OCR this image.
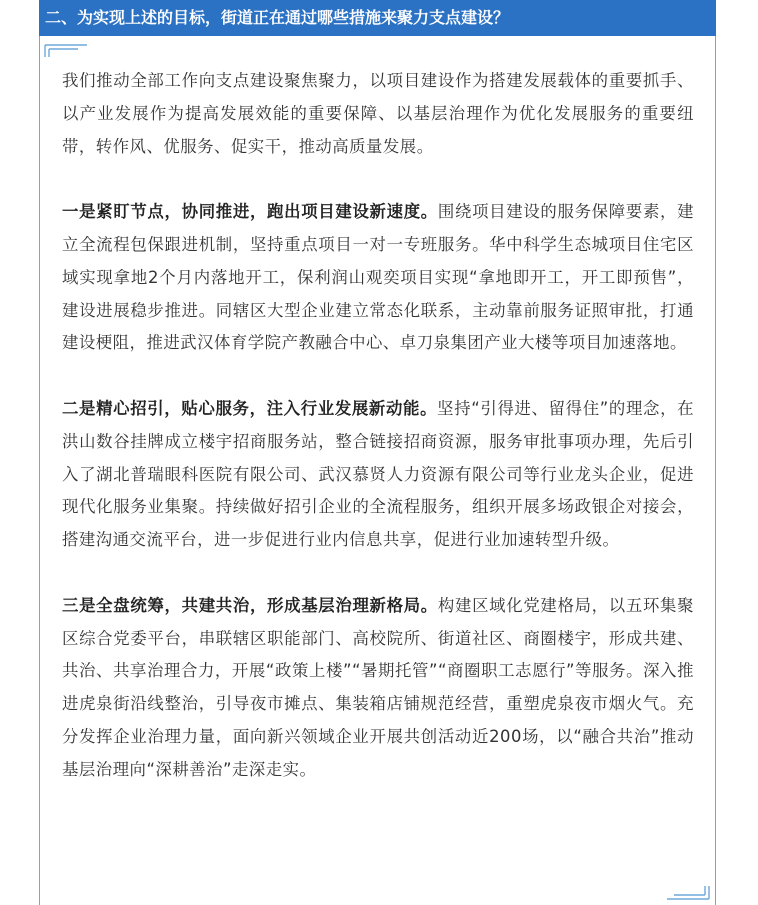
二、为实现上述的目标，街道正在通过哪些措施来聚力支点建设？

我们推动全部工作向支点建设聚焦聚力，以项目建设作为搭建发展载体的重要抓手、以产业发展作为提高发展效能的重要保障、以基层治理作为优化发展服务的重要纽带，转作风、优服务、促实干，推动高质量发展。

一是紧盯节点，协同推进，跑出项目建设新速度。围绕项目建设的服务保障要素，建立全流程包保跟进机制，坚持重点项目一对一专班服务。华中科学生态城项目住宅区域实现拿地2个月内落地开工，保利润山观奕项目实现“拿地即开工，开工即预售”，建设进展稳步推进。同辖区大型企业建立常态化联系，主动靠前服务证照审批，打通建设梗阻，推进武汉体育学院产教融合中心、卓刀泉集团产业大楼等项目加速落地。

二是精心招引，贴心服务，注入行业发展新动能。坚持“引得进、留得住”的理念，在洪山数谷挂牌成立楼宇招商服务站，整合链接招商资源，服务审批事项办理，先后引入了湖北普瑞眼科医院有限公司、武汉慕贤人力资源有限公司等行业龙头企业，促进现代化服务业集聚。持续做好招引企业的全流程服务，组织开展多场政银企对接会，搭建沟通交流平台，进一步促进行业内信息共享，促进行业加速转型升级。

三是全盘统筹，共建共治，形成基层治理新格局。构建区域化党建格局，以五环集聚区综合党委平台，串联辖区职能部门、高校院所、街道社区、商圈楼宇，形成共建、共治、共享治理合力，开展“政策上楼”“暑期托管”“商圈职工志愿行”等服务。深入推进虎泉街沿线整治，引导夜市摊点、集装箱店铺规范经营，重塑虎泉夜市烟火气。充分发挥企业治理力量，面向新兴领域企业开展共创活动近200场，以“融合共治”推动基层治理向“深耕善治”走深走实。
